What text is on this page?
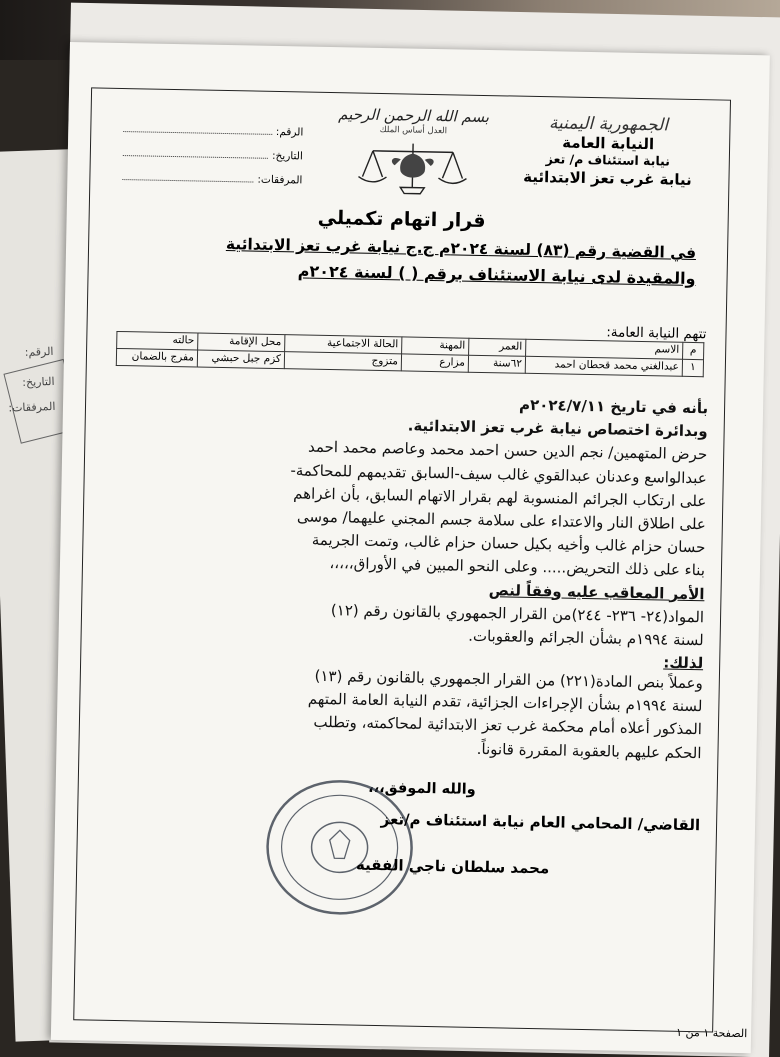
الرقم:
التاريخ:
المرفقات:
الجمهورية اليمنية
النيابة العامة
نيابة استئناف م/ تعز
نيابة غرب تعز الابتدائية
بسم الله الرحمن الرحيم
العدل أساس الملك
الرقم:
التاريخ:
المرفقات:
قرار اتهام تكميلي
في القضية رقم (٨٣) لسنة ٢٠٢٤م ج.ج نيابة غرب تعز الابتدائية
والمقيدة لدى نيابة الاستئناف برقم ( ) لسنة ٢٠٢٤م
تتهم النيابة العامة:
م	الاسم	العمر	المهنة	الحالة الاجتماعية	محل الإقامة	حالته
١	عبدالغني محمد قحطان احمد	٦٢سنة	مزارع	متزوج	كزم جبل حبشي	مفرج بالضمان
بأنه في تاريخ ٢٠٢٤/٧/١١م
وبدائرة اختصاص نيابة غرب تعز الابتدائية.
حرض المتهمين/ نجم الدين حسن احمد محمد وعاصم محمد احمد
عبدالواسع وعدنان عبدالقوي غالب سيف-السابق تقديمهم للمحاكمة-
على ارتكاب الجرائم المنسوبة لهم بقرار الاتهام السابق، بأن اغراهم
على اطلاق النار والاعتداء على سلامة جسم المجني عليهما/ موسى
حسان حزام غالب وأخيه بكيل حسان حزام غالب، وتمت الجريمة
بناء على ذلك التحريض..... وعلى النحو المبين في الأوراق،،،،،
الأمر المعاقب عليه وفقاً لنص
المواد(٢٤- ٢٣٦- ٢٤٤)من القرار الجمهوري بالقانون رقم (١٢)
لسنة ١٩٩٤م بشأن الجرائم والعقوبات.
لذلك:
وعملاً بنص المادة(٢٢١) من القرار الجمهوري بالقانون رقم (١٣)
لسنة ١٩٩٤م بشأن الإجراءات الجزائية، تقدم النيابة العامة المتهم
المذكور أعلاه أمام محكمة غرب تعز الابتدائية لمحاكمته، وتطلب
الحكم عليهم بالعقوبة المقررة قانوناً.
والله الموفق،،،
القاضي/ المحامي العام نيابة استئناف م/تعز
محمد سلطان ناجي الفقيه
الصفحة ١ من ١
